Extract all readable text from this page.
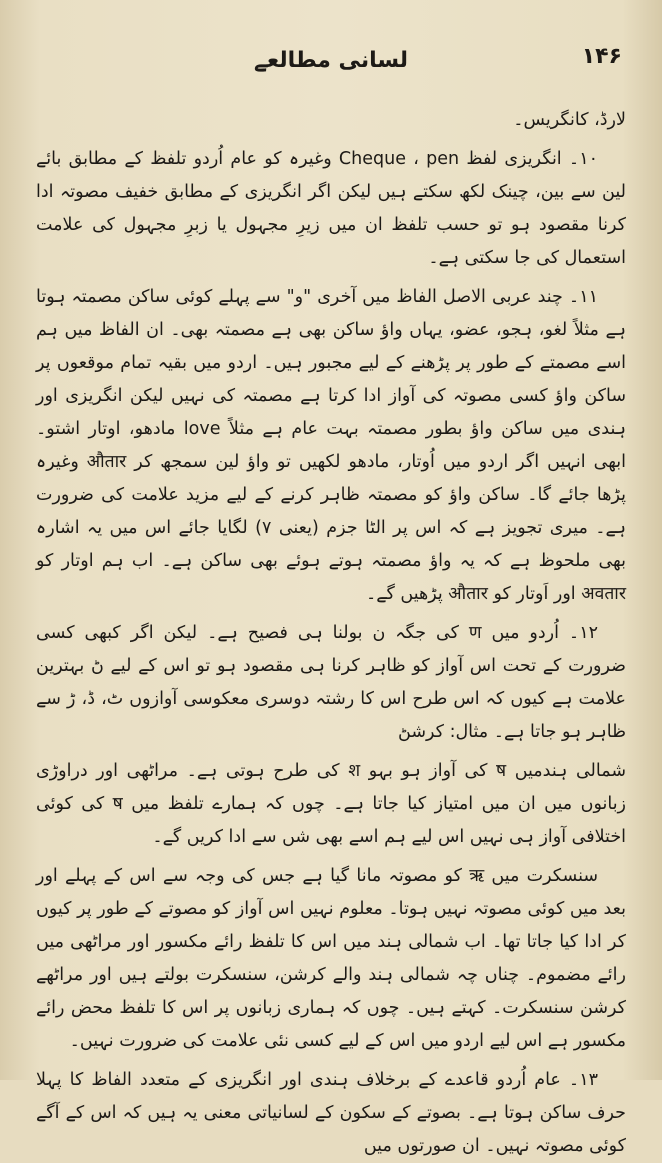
۱۴۶
لسانی مطالعے

لارڈ، کانگریس۔

۱۰۔ انگریزی لفظ Cheque ، pen وغیرہ کو عام اُردو تلفظ کے مطابق بائے لین سے بین، چینک لکھ سکتے ہیں لیکن اگر انگریزی کے مطابق خفیف مصوتہ ادا کرنا مقصود ہو تو حسب تلفظ ان میں زیرِ مجہول یا زبرِ مجہول کی علامت استعمال کی جا سکتی ہے۔

۱۱۔ چند عربی الاصل الفاظ میں آخری "و" سے پہلے کوئی ساکن مصمتہ ہوتا ہے مثلاً لغو، ہجو، عضو، یہاں واؤ ساکن بھی ہے مصمتہ بھی۔ ان الفاظ میں ہم اسے مصمتے کے طور پر پڑھنے کے لیے مجبور ہیں۔ اردو میں بقیہ تمام موقعوں پر ساکن واؤ کسی مصوتہ کی آواز ادا کرتا ہے مصمتہ کی نہیں لیکن انگریزی اور ہندی میں ساکن واؤ بطور مصمتہ بہت عام ہے مثلاً love مادھو، اوتار اشتو۔ ابھی انہیں اگر اردو میں اُوتار، مادھو لکھیں تو واؤ لین سمجھ کر औतार وغیرہ پڑھا جائے گا۔ ساکن واؤ کو مصمتہ ظاہر کرنے کے لیے مزید علامت کی ضرورت ہے۔ میری تجویز ہے کہ اس پر الٹا جزم (یعنی ۷) لگایا جائے اس میں یہ اشارہ بھی ملحوظ ہے کہ یہ واؤ مصمتہ ہوتے ہوئے بھی ساکن ہے۔ اب ہم اوتار کو अवतार اور اَوتار کو औतार پڑھیں گے۔

۱۲۔ اُردو میں ण کی جگہ ن بولنا ہی فصیح ہے۔ لیکن اگر کبھی کسی ضرورت کے تحت اس آواز کو ظاہر کرنا ہی مقصود ہو تو اس کے لیے ڻ بہترین علامت ہے کیوں کہ اس طرح اس کا رشتہ دوسری معکوسی آوازوں ٹ، ڈ، ڑ سے ظاہر ہو جاتا ہے۔ مثال: کرشڻ

شمالی ہندمیں ष کی آواز ہو بہو श کی طرح ہوتی ہے۔ مراٹھی اور دراوڑی زبانوں میں ان میں امتیاز کیا جاتا ہے۔ چوں کہ ہمارے تلفظ میں ष کی کوئی اختلافی آواز ہی نہیں اس لیے ہم اسے بھی شں سے ادا کریں گے۔

سنسکرت میں ऋ کو مصوتہ مانا گیا ہے جس کی وجہ سے اس کے پہلے اور بعد میں کوئی مصوتہ نہیں ہوتا۔ معلوم نہیں اس آواز کو مصوتے کے طور پر کیوں کر ادا کیا جاتا تھا۔ اب شمالی ہند میں اس کا تلفظ رائے مکسور اور مراٹھی میں رائے مضموم۔ چناں چہ شمالی ہند والے کرشن، سنسکرت بولتے ہیں اور مراٹھے کرشن سنسکرت۔ کہتے ہیں۔ چوں کہ ہماری زبانوں پر اس کا تلفظ محض رائے مکسور ہے اس لیے اردو میں اس کے لیے کسی نئی علامت کی ضرورت نہیں۔

۱۳۔ عام اُردو قاعدے کے برخلاف ہندی اور انگریزی کے متعدد الفاظ کا پہلا حرف ساکن ہوتا ہے۔ بصوتے کے سکون کے لسانیاتی معنی یہ ہیں کہ اس کے آگے کوئی مصوتہ نہیں۔ ان صورتوں میں
